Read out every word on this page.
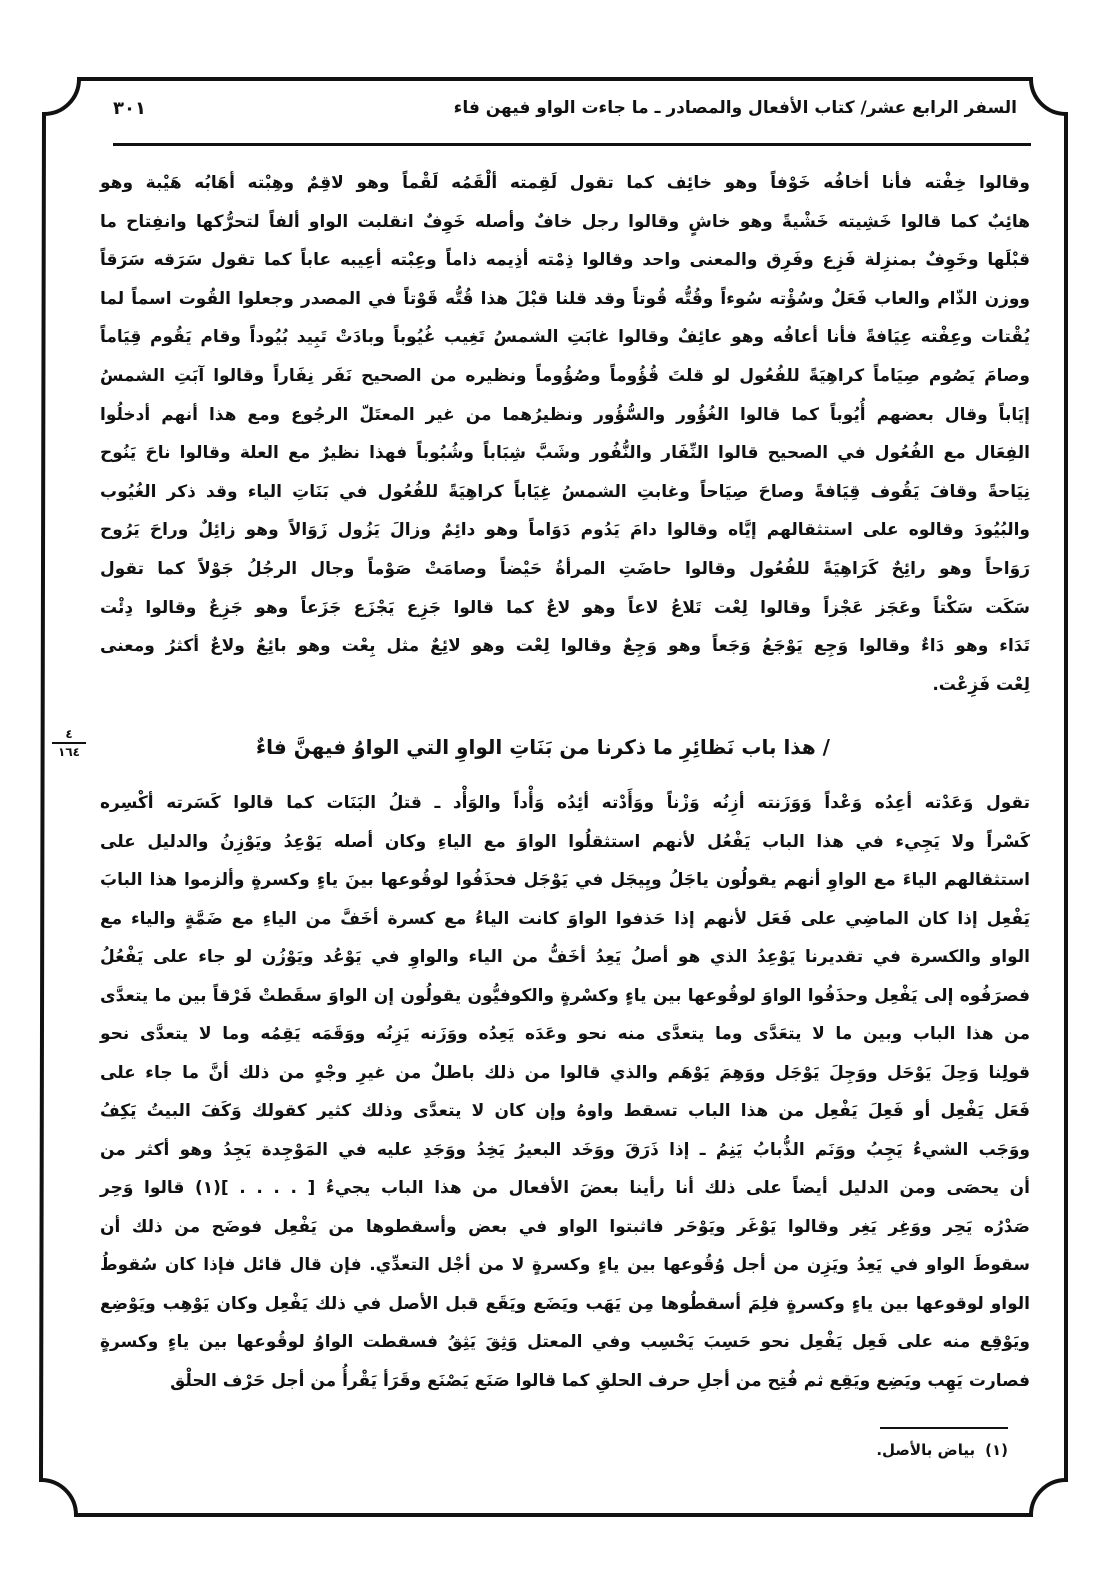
السفر الرابع عشر/ كتاب الأفعال والمصادر ـ ما جاءت الواو فيهن فاء
٣٠١
وقالوا خِفْته فأنا أخافُه خَوْفاً وهو خائِف كما تقول لَقِمته ألْقَمُه لَقْماً وهو لاقِمٌ وهِبْته أهَابُه هَيْبة وهو
هائِبٌ كما قالوا خَشِيته خَشْيةً وهو خاشٍ وقالوا رجل خافٌ وأصله خَوِفٌ انقلبت الواو ألفاً لتحرُّكها وانفِتاح ما
قبْلَها وخَوِفٌ بمنزِلة فَزِع وفَرِق والمعنى واحد وقالوا ذِمْته أذِيمه ذاماً وعِبْته أعِيبه عاباً كما تقول سَرَقه سَرَقاً
ووزن الذّام والعاب فَعَلٌ وسُؤْته سُوءاً وقُتُّه قُوتاً وقد قلنا قبْلَ هذا قُتُّه قَوْتاً في المصدر وجعلوا القُوت اسماً لما
يُقْتات وعِفْته عِيَافةً فأنا أعافُه وهو عائِفٌ وقالوا غابَتِ الشمسُ تَغِيب غُيُوباً وبادَتْ تَبِيد بُيُوداً وقام يَقُوم قِيَاماً
وصامَ يَصُوم صِيَاماً كراهِيَةً للفُعُول لو قلتَ قُؤُوماً وصُؤُوماً ونظيره من الصحيح نَفَر نِفَاراً وقالوا آبَتِ الشمسُ
إيَاباً وقال بعضهم أُيُوباً كما قالوا الغُؤُور والسُّؤُور ونظيرُهما من غير المعتَلّ الرجُوع ومع هذا أنهم أدخلُوا
الفِعَال مع الفُعُول في الصحيح قالوا النِّفَار والنُّفُور وشَبَّ شِبَاباً وشُبُوباً فهذا نظيرٌ مع العلة وقالوا ناحَ يَنُوح
نِيَاحةً وقافَ يَقُوف قِيَافةً وصاحَ صِيَاحاً وغابتِ الشمسُ غِيَاباً كراهِيَةً للفُعُول في بَنَاتِ الياء وقد ذكر الغُيُوب
والبُيُودَ وقالوه على استثقالهم إيَّاه وقالوا دامَ يَدُوم دَوَاماً وهو دائِمٌ وزالَ يَزُول زَوَالاً وهو زائِلٌ وراحَ يَرُوح
رَوَاحاً وهو رائِحٌ كَرَاهِيَةً للفُعُول وقالوا حاضَتِ المرأةُ حَيْضاً وصامَتْ صَوْماً وجال الرجُلُ جَوْلاً كما تقول
سَكَت سَكْتاً وعَجَز عَجْزاً وقالوا لِعْت تَلاعُ لاعاً وهو لاعٌ كما قالوا جَزِع يَجْزَع جَزَعاً وهو جَزِعٌ وقالوا دِئْت
تَدَاء وهو دَاءٌ وقالوا وَجِع يَوْجَعُ وَجَعاً وهو وَجِعٌ وقالوا لِعْت وهو لائِعٌ مثل بِعْت وهو بائِعٌ ولاعٌ أكثرُ ومعنى
لِعْت فَزِعْت.
٤
١٦٤	/ هذا باب نَظائِرِ ما ذكرنا من بَنَاتِ الواوِ التي الواوُ فيهنَّ فاءٌ
تقول وَعَدْته أعِدُه وَعْداً وَوَزَنته أزِنُه وَزْناً ووَأَدْته أئِدُه وَأْداً والوَأْد ـ قتلُ البَنَات كما قالوا كَسَرته أكْسِره
كَسْراً ولا يَجِيء في هذا الباب يَفْعُل لأنهم استثقلُوا الواوَ مع الياءِ وكان أصله يَوْعِدُ ويَوْزِنُ والدليل على
استثقالهم الياءَ مع الواوِ أنهم يقولُون ياجَلُ ويِيجَل في يَوْجَل فحذَفُوا لوقُوعها بينَ ياءٍ وكسرةٍ وألزموا هذا البابَ
يَفْعِل إذا كان الماضِي على فَعَل لأنهم إذا حَذفوا الواوَ كانت الياءُ مع كسرة أخَفَّ من الياءِ مع ضَمَّةٍ والياء مع
الواو والكسرة في تقديرنا يَوْعِدُ الذي هو أصلُ يَعِدُ أخَفُّ من الياء والواوِ في يَوْعُد ويَوْزُن لو جاء على يَفْعُلُ
فصرَفُوه إلى يَفْعِل وحذَفُوا الواوَ لوقُوعها بين ياءٍ وكسْرةٍ والكوفيُّون يقولُون إن الواوَ سقَطتْ فَرْقاً بين ما يتعدَّى
من هذا الباب وبين ما لا يتعَدَّى وما يتعدَّى منه نحو وعَدَه يَعِدُه ووَزَنه يَزِنُه ووَقَمَه يَقِمُه وما لا يتعدَّى نحو
قولِنا وَحِلَ يَوْحَل ووَجِلَ يَوْجَل ووَهِمَ يَوْهَم والذي قالوا من ذلك باطلٌ من غيرِ وجْهٍ من ذلك أنَّ ما جاء على
فَعَل يَفْعِل أو فَعِلَ يَفْعِل من هذا الباب تسقط واوهُ وإن كان لا يتعدَّى وذلك كثير كقولك وَكَفَ البيتُ يَكِفُ
ووَجَب الشيءُ يَجِبُ ووَنَم الذُّبابُ يَنِمُ ـ إذا ذَرَقَ ووَخَد البعيرُ يَخِدُ ووَجَدِ عليه في المَوْجِدة يَجِدُ وهو أكثر من
أن يحصَى ومن الدليل أيضاً على ذلك أنا رأينا بعضَ الأفعال من هذا الباب يجيءُ [ . . . . ](١) قالوا وَحِر
صَدْرُه يَحِر ووَغِر يَغِر وقالوا يَوْغَر ويَوْحَر فاثبتوا الواو في بعض وأسقطوها من يَفْعِل فوضَح من ذلك أن
سقوطَ الواو في يَعِدُ ويَزِن من أجل وُقُوعها بين ياءٍ وكسرةٍ لا من أجْل التعدِّي. فإن قال قائل فإذا كان سُقوطُ
الواو لوقوعها بين ياءٍ وكسرةٍ فلِمَ أسقطُوها مِن يَهَب ويَضَع ويَقَع قبل الأصل في ذلك يَفْعِل وكان يَوْهِب ويَوْضِع
ويَوْقِع منه على فَعِل يَفْعِل نحو حَسِبَ يَحْسِب وفي المعتل وَثِقَ يَثِقُ فسقطت الواوُ لوقُوعها بين ياءٍ وكسرةٍ
فصارت يَهِب ويَضِع ويَقِع ثم فُتِح من أجلِ حرف الحلقِ كما قالوا صَنَع يَصْنَع وقَرَأ يَقْرأُ من أجل حَرْف الحلْق
(١)بياض بالأصل.
